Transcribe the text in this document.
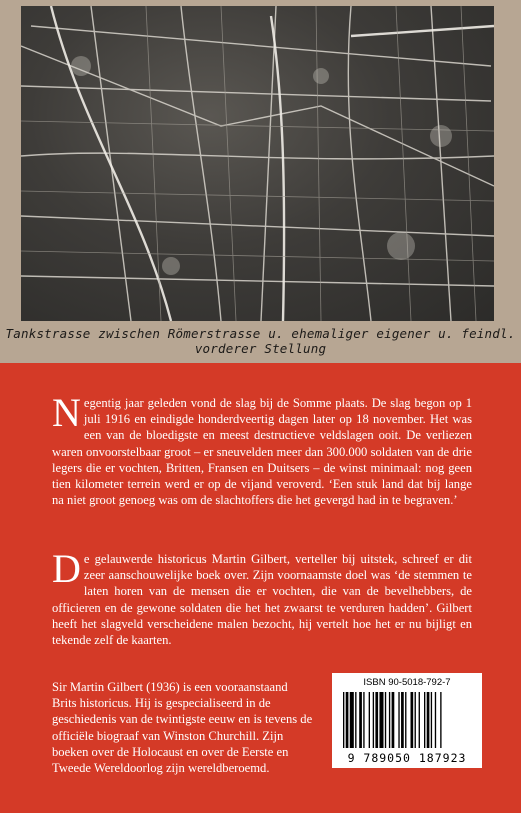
Tankstrasse zwischen Römerstrasse u. ehemaliger eigener u. feindl.
vorderer Stellung
Negentig jaar geleden vond de slag bij de Somme plaats. De slag begon op 1 juli 1916 en eindigde honderdveertig dagen later op 18 november. Het was een van de bloedigste en meest destructieve veldslagen ooit. De verliezen waren onvoorstelbaar groot – er sneuvelden meer dan 300.000 soldaten van de drie legers die er vochten, Britten, Fransen en Duitsers – de winst minimaal: nog geen tien kilometer terrein werd er op de vijand veroverd. ‘Een stuk land dat bij lange na niet groot genoeg was om de slachtoffers die het gevergd had in te begraven.’
De gelauwerde historicus Martin Gilbert, verteller bij uitstek, schreef er dit zeer aanschouwelijke boek over. Zijn voornaamste doel was ‘de stemmen te laten horen van de mensen die er vochten, die van de bevelhebbers, de officieren en de gewone soldaten die het het zwaarst te verduren hadden’. Gilbert heeft het slagveld verscheidene malen bezocht, hij vertelt hoe het er nu bijligt en tekende zelf de kaarten.
Sir Martin Gilbert (1936) is een vooraanstaand Brits historicus. Hij is gespecialiseerd in de geschiedenis van de twintigste eeuw en is tevens de officiële biograaf van Winston Churchill. Zijn boeken over de Holocaust en over de Eerste en Tweede Wereldoorlog zijn wereldberoemd.
ISBN 90-5018-792-7
9 789050 187923
